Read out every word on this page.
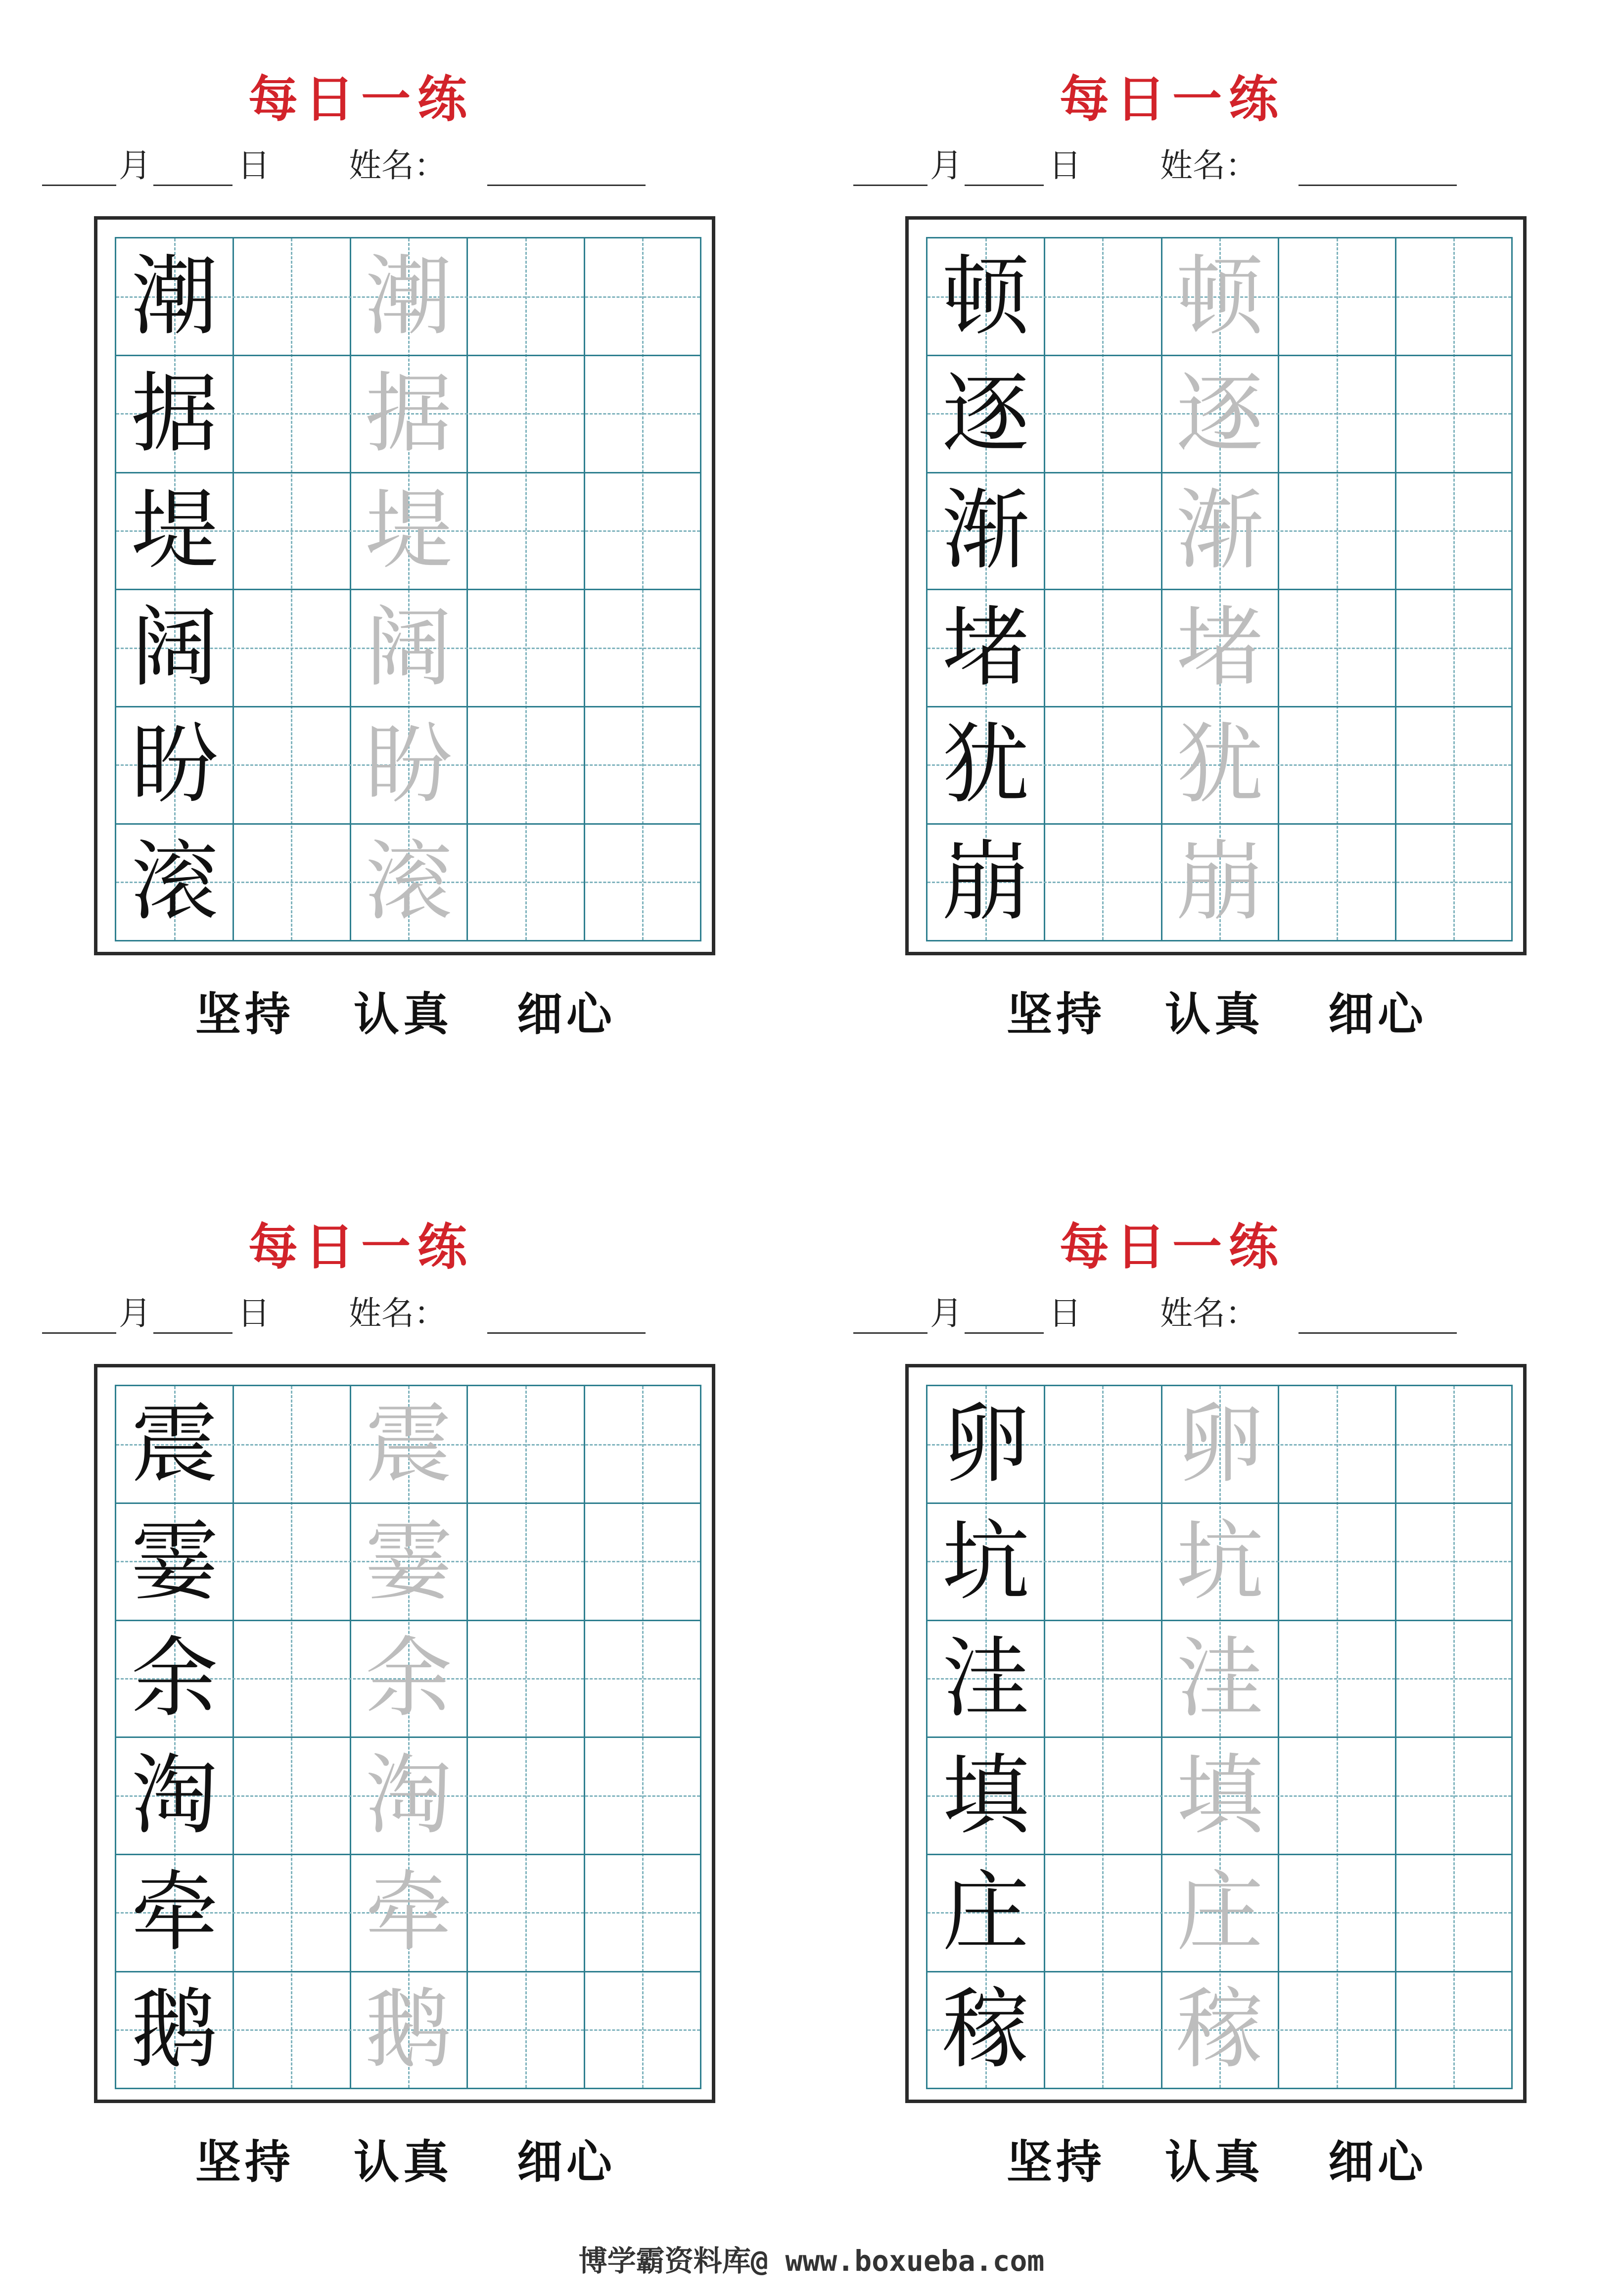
每日一练
月	日 姓名：
潮 潮
据 据
堤 堤
阔 阔
盼 盼
滚 滚
坚持 认真 细心
每日一练
月	日 姓名：
顿 顿
逐 逐
渐 渐
堵 堵
犹 犹
崩 崩
坚持 认真 细心
每日一练
月	日 姓名：
震 震
霎 霎
余 余
淘 淘
牵 牵
鹅 鹅
坚持 认真 细心
每日一练
月	日 姓名：
卵 卵
坑 坑
洼 洼
填 填
庄 庄
稼 稼
坚持 认真 细心
博学霸资料库@ www.boxueba.com
